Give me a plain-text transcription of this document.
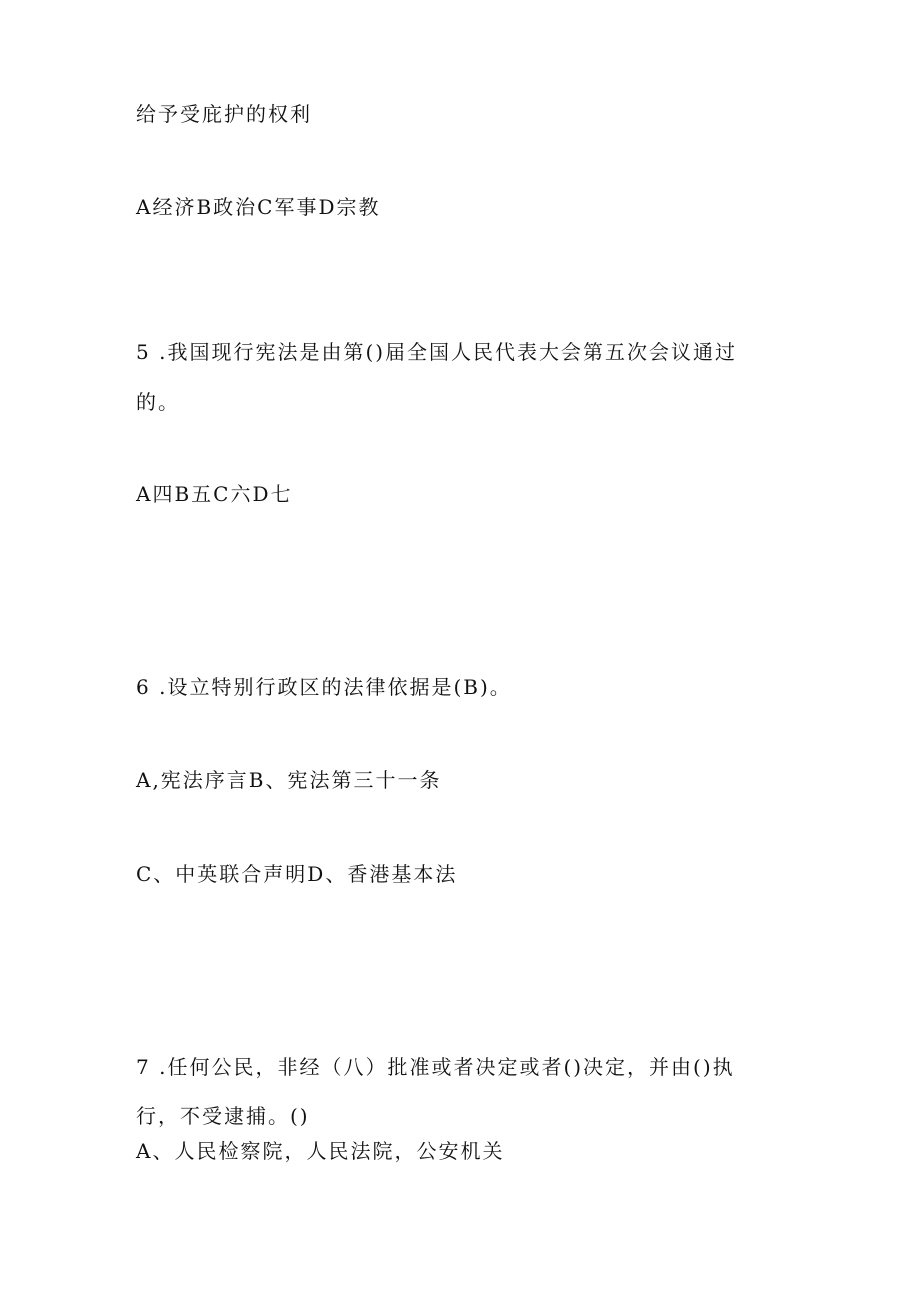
给予受庇护的权利
A经济B政治C军事D宗教
5 .我国现行宪法是由第()届全国人民代表大会第五次会议通过
的。
A四B五C六D七
6 .设立特别行政区的法律依据是(B)。
A,宪法序言B、宪法第三十一条
C、中英联合声明D、香港基本法
7 .任何公民，非经（八）批准或者决定或者()决定，并由()执
行，不受逮捕。()
A、人民检察院，人民法院，公安机关
